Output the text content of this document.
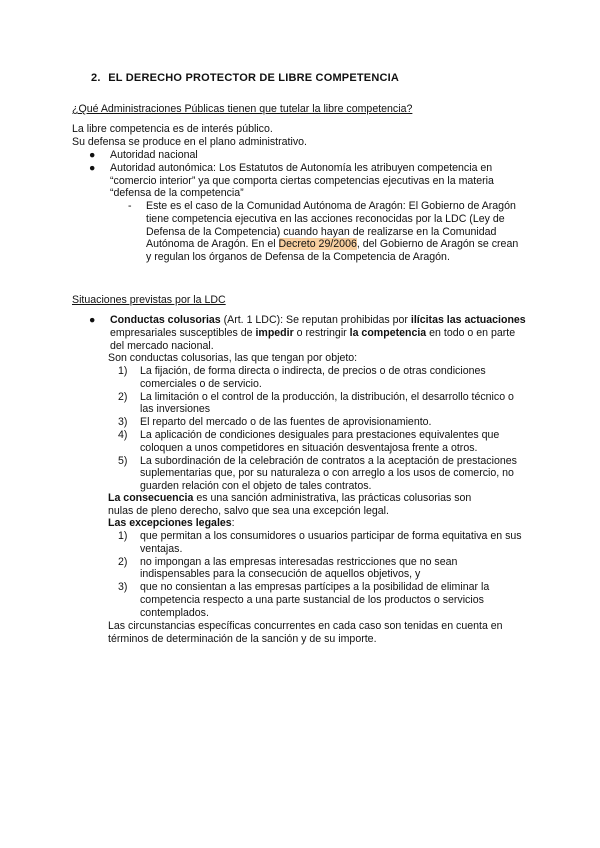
2. EL DERECHO PROTECTOR DE LIBRE COMPETENCIA
¿Qué Administraciones Públicas tienen que tutelar la libre competencia?
La libre competencia es de interés público.
Su defensa se produce en el plano administrativo.
● Autoridad nacional
● Autoridad autonómica: Los Estatutos de Autonomía les atribuyen competencia en “comercio interior” ya que comporta ciertas competencias ejecutivas en la materia “defensa de la competencia”
- Este es el caso de la Comunidad Autónoma de Aragón: El Gobierno de Aragón tiene competencia ejecutiva en las acciones reconocidas por la LDC (Ley de Defensa de la Competencia) cuando hayan de realizarse en la Comunidad Autónoma de Aragón. En el Decreto 29/2006, del Gobierno de Aragón se crean y regulan los órganos de Defensa de la Competencia de Aragón.
Situaciones previstas por la LDC
● Conductas colusorias (Art. 1 LDC): Se reputan prohibidas por ilícitas las actuaciones empresariales susceptibles de impedir o restringir la competencia en todo o en parte del mercado nacional.
Son conductas colusorias, las que tengan por objeto:
1) La fijación, de forma directa o indirecta, de precios o de otras condiciones comerciales o de servicio.
2) La limitación o el control de la producción, la distribución, el desarrollo técnico o las inversiones
3) El reparto del mercado o de las fuentes de aprovisionamiento.
4) La aplicación de condiciones desiguales para prestaciones equivalentes que coloquen a unos competidores en situación desventajosa frente a otros.
5) La subordinación de la celebración de contratos a la aceptación de prestaciones suplementarias que, por su naturaleza o con arreglo a los usos de comercio, no guarden relación con el objeto de tales contratos.
La consecuencia es una sanción administrativa, las prácticas colusorias son nulas de pleno derecho, salvo que sea una excepción legal.
Las excepciones legales:
1) que permitan a los consumidores o usuarios participar de forma equitativa en sus ventajas.
2) no impongan a las empresas interesadas restricciones que no sean indispensables para la consecución de aquellos objetivos, y
3) que no consientan a las empresas partícipes a la posibilidad de eliminar la competencia respecto a una parte sustancial de los productos o servicios contemplados.
Las circunstancias específicas concurrentes en cada caso son tenidas en cuenta en términos de determinación de la sanción y de su importe.
